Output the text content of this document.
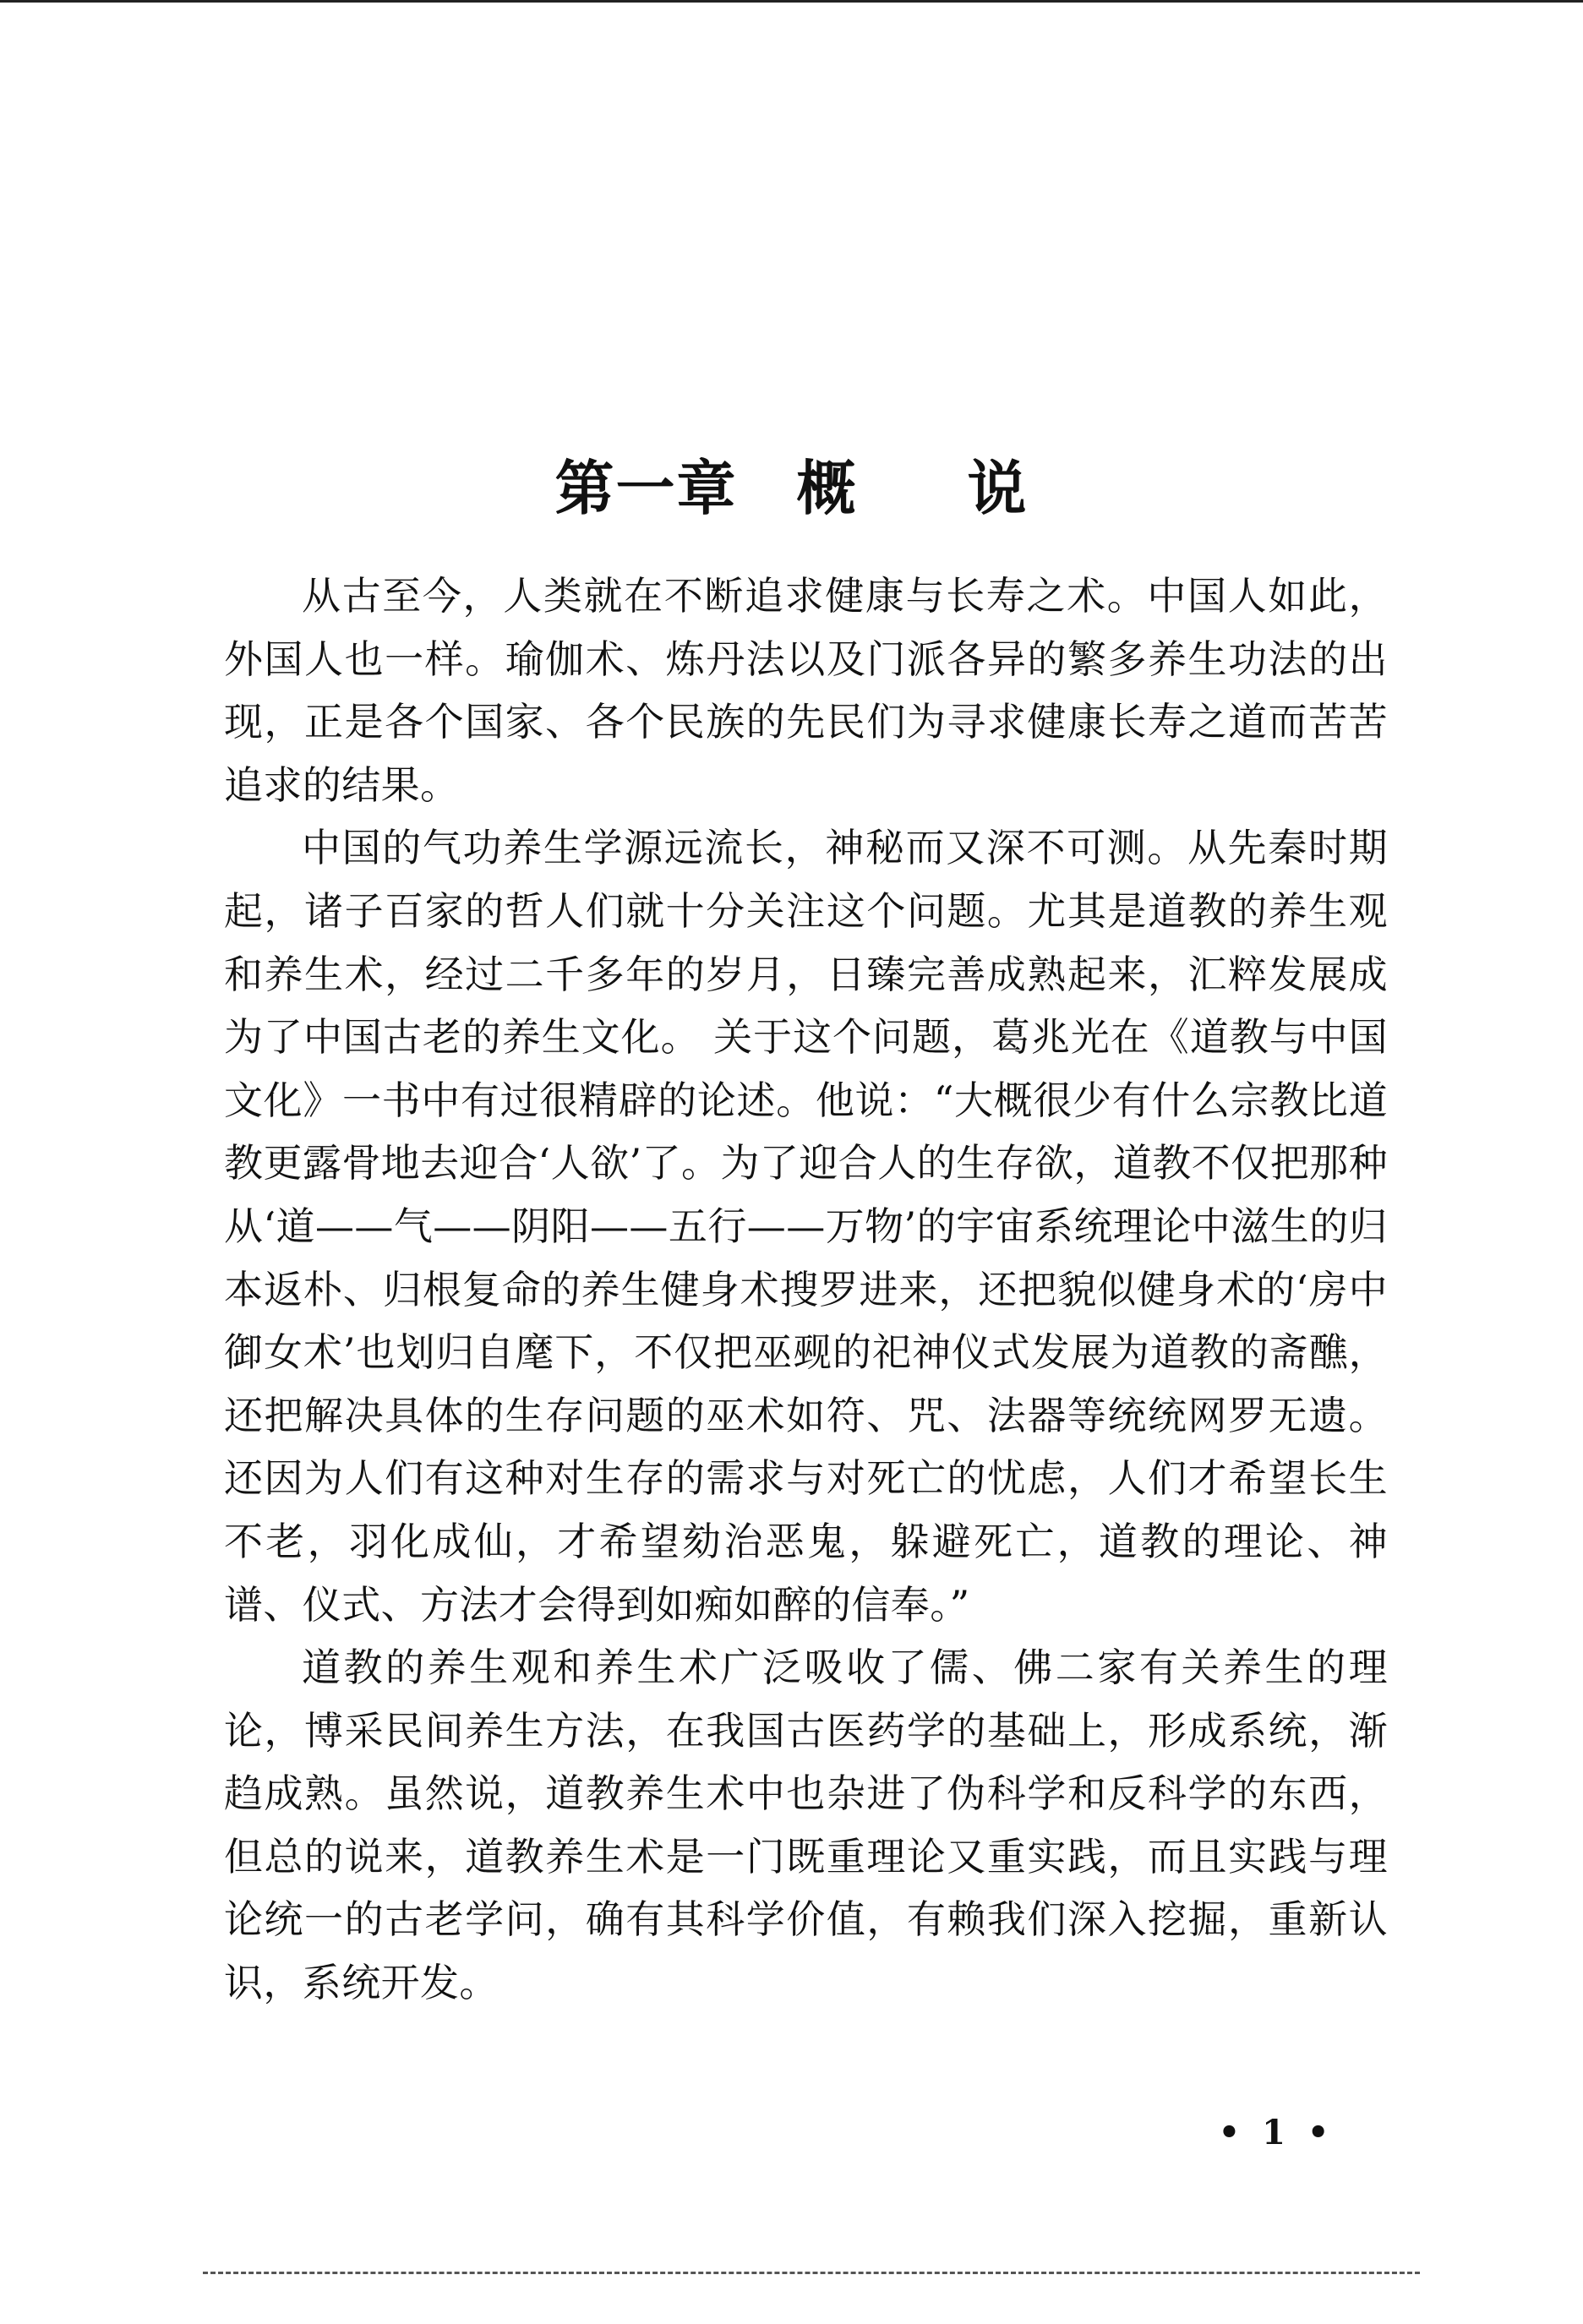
第一章 概 说

从古至今，人类就在不断追求健康与长寿之术。中国人如此，外国人也一样。瑜伽术、炼丹法以及门派各异的繁多养生功法的出现，正是各个国家、各个民族的先民们为寻求健康长寿之道而苦苦追求的结果。

中国的气功养生学源远流长，神秘而又深不可测。从先秦时期起，诸子百家的哲人们就十分关注这个问题。尤其是道教的养生观和养生术，经过二千多年的岁月，日臻完善成熟起来，汇粹发展成为了中国古老的养生文化。 关于这个问题，葛兆光在《道教与中国文化》一书中有过很精辟的论述。他说：“大概很少有什么宗教比道教更露骨地去迎合‘人欲’了。为了迎合人的生存欲，道教不仅把那种从‘道——气——阴阳——五行——万物’的宇宙系统理论中滋生的归本返朴、归根复命的养生健身术搜罗进来，还把貌似健身术的‘房中御女术’也划归自麾下，不仅把巫觋的祀神仪式发展为道教的斋醮，还把解决具体的生存问题的巫术如符、咒、法器等统统网罗无遗。还因为人们有这种对生存的需求与对死亡的忧虑，人们才希望长生不老，羽化成仙，才希望劾治恶鬼，躲避死亡，道教的理论、神谱、仪式、方法才会得到如痴如醉的信奉。”

道教的养生观和养生术广泛吸收了儒、佛二家有关养生的理论，博采民间养生方法，在我国古医药学的基础上，形成系统，渐趋成熟。虽然说，道教养生术中也杂进了伪科学和反科学的东西，但总的说来，道教养生术是一门既重理论又重实践，而且实践与理论统一的古老学问，确有其科学价值，有赖我们深入挖掘，重新认识，系统开发。

• 1 •
